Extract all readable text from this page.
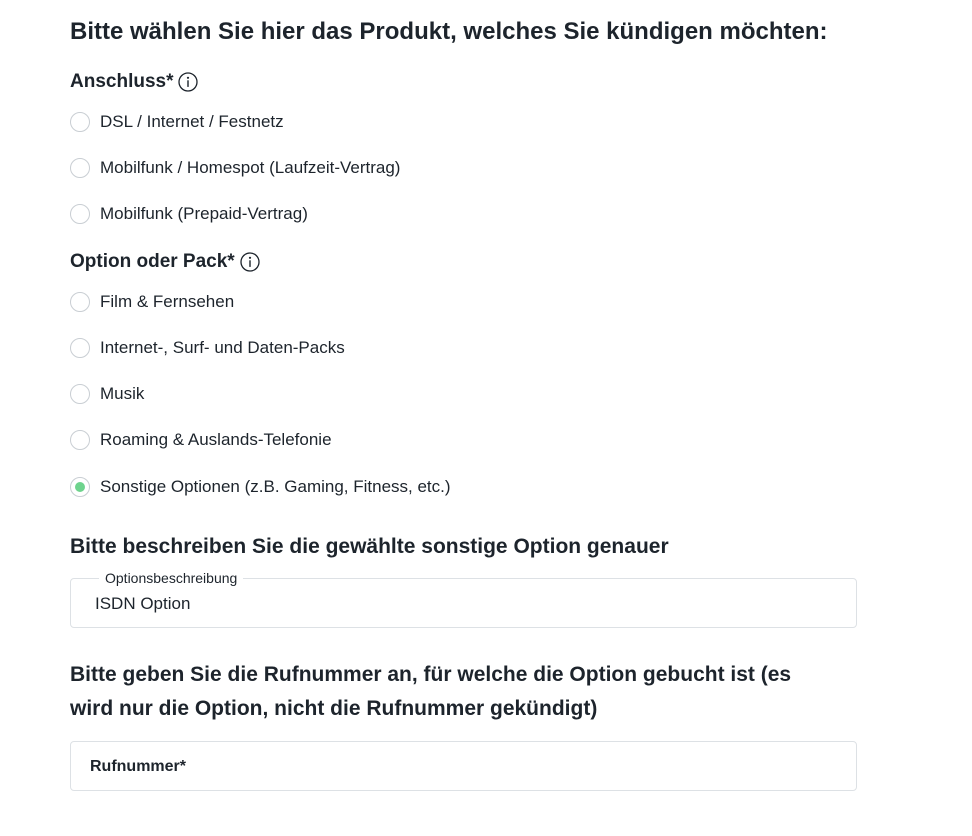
Bitte wählen Sie hier das Produkt, welches Sie kündigen möchten:
Anschluss*
DSL / Internet / Festnetz
Mobilfunk / Homespot (Laufzeit-Vertrag)
Mobilfunk (Prepaid-Vertrag)
Option oder Pack*
Film & Fernsehen
Internet-, Surf- und Daten-Packs
Musik
Roaming & Auslands-Telefonie
Sonstige Optionen (z.B. Gaming, Fitness, etc.)
Bitte beschreiben Sie die gewählte sonstige Option genauer
Optionsbeschreibung
ISDN Option
Bitte geben Sie die Rufnummer an, für welche die Option gebucht ist (es
wird nur die Option, nicht die Rufnummer gekündigt)
Rufnummer*
